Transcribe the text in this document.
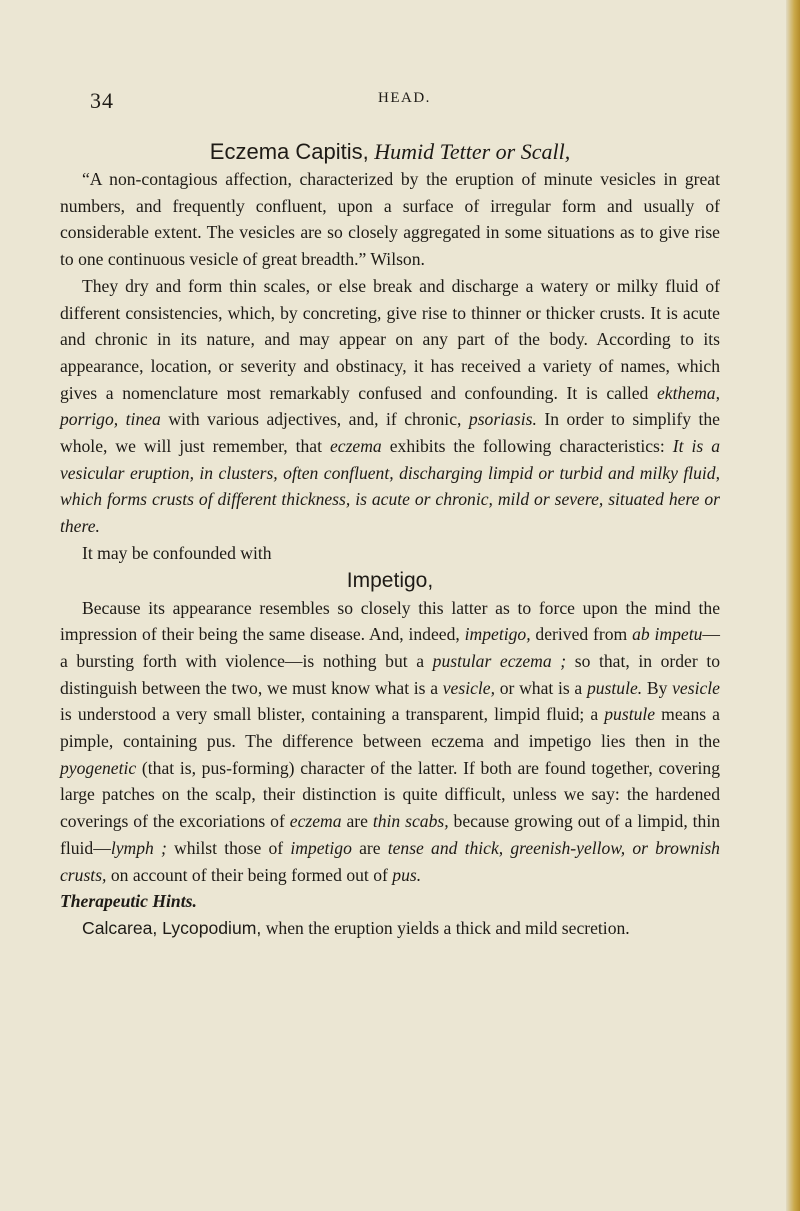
34	HEAD.

Eczema Capitis, Humid Tetter or Scall,

“A non-contagious affection, characterized by the eruption of minute vesicles in great numbers, and frequently confluent, upon a surface of irregular form and usually of considerable extent. The vesicles are so closely aggregated in some situations as to give rise to one continuous vesicle of great breadth.” Wilson.

They dry and form thin scales, or else break and discharge a watery or milky fluid of different consistencies, which, by concreting, give rise to thinner or thicker crusts. It is acute and chronic in its nature, and may appear on any part of the body. According to its appearance, location, or severity and obstinacy, it has received a variety of names, which gives a nomenclature most remarkably confused and confounding. It is called ekthema, porrigo, tinea with various adjectives, and, if chronic, psoriasis. In order to simplify the whole, we will just remember, that eczema exhibits the following characteristics: It is a vesicular eruption, in clusters, often confluent, discharging limpid or turbid and milky fluid, which forms crusts of different thickness, is acute or chronic, mild or severe, situated here or there.

It may be confounded with

Impetigo,

Because its appearance resembles so closely this latter as to force upon the mind the impression of their being the same disease. And, indeed, impetigo, derived from ab impetu—a bursting forth with violence—is nothing but a pustular eczema ; so that, in order to distinguish between the two, we must know what is a vesicle, or what is a pustule. By vesicle is understood a very small blister, containing a transparent, limpid fluid; a pustule means a pimple, containing pus. The difference between eczema and impetigo lies then in the pyogenetic (that is, pus-forming) character of the latter. If both are found together, covering large patches on the scalp, their distinction is quite difficult, unless we say: the hardened coverings of the excoriations of eczema are thin scabs, because growing out of a limpid, thin fluid—lymph ; whilst those of impetigo are tense and thick, greenish-yellow, or brownish crusts, on account of their being formed out of pus.

Therapeutic Hints.

Calcarea, Lycopodium, when the eruption yields a thick and mild secretion.
